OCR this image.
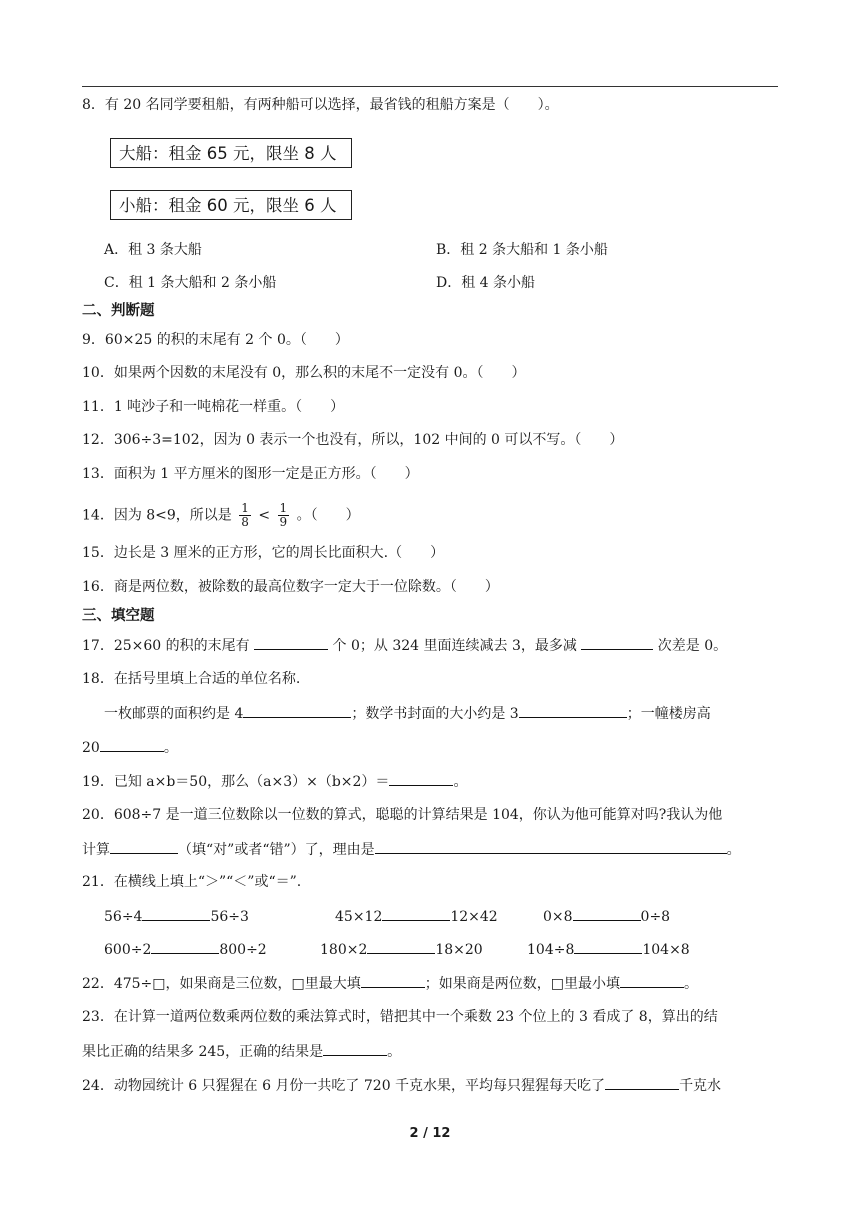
8．有 20 名同学要租船，有两种船可以选择，最省钱的租船方案是（　　）。
大船：租金 65 元，限坐 8 人
小船：租金 60 元，限坐 6 人
A．租 3 条大船	B．租 2 条大船和 1 条小船
C．租 1 条大船和 2 条小船	D．租 4 条小船
二、判断题
9．60×25 的积的末尾有 2 个 0。（　　）
10．如果两个因数的末尾没有 0，那么积的末尾不一定没有 0。（　　）
11．1 吨沙子和一吨棉花一样重。（　　）
12．306÷3=102，因为 0 表示一个也没有，所以，102 中间的 0 可以不写。（　　）
13．面积为 1 平方厘米的图形一定是正方形。（　　）
14．因为 8<9，所以是 $\frac{1}{8} < \frac{1}{9}$ 。（　　）
15．边长是 3 厘米的正方形，它的周长比面积大.（　　）
16．商是两位数，被除数的最高位数字一定大于一位除数。（　　）
三、填空题
17．25×60 的积的末尾有	个 0；从 324 里面连续减去 3，最多减	次差是 0。
18．在括号里填上合适的单位名称.
一枚邮票的面积约是 4	；数学书封面的大小约是 3	；一幢楼房高
20	。
19．已知 a×b＝50，那么（a×3）×（b×2）＝	。
20．608÷7 是一道三位数除以一位数的算式，聪聪的计算结果是 104，你认为他可能算对吗?我认为他
计算	（填“对”或者“错”）了，理由是	。
21．在横线上填上“＞”“＜”或“＝”.
56÷4	56÷3	45×12	12×42	0×8	0÷8
600÷2	800÷2	180×2	18×20	104÷8	104×8
22．475÷□，如果商是三位数，□里最大填	；如果商是两位数，□里最小填	。
23．在计算一道两位数乘两位数的乘法算式时，错把其中一个乘数 23 个位上的 3 看成了 8，算出的结
果比正确的结果多 245，正确的结果是	。
24．动物园统计 6 只猩猩在 6 月份一共吃了 720 千克水果，平均每只猩猩每天吃了	千克水
2 / 12
